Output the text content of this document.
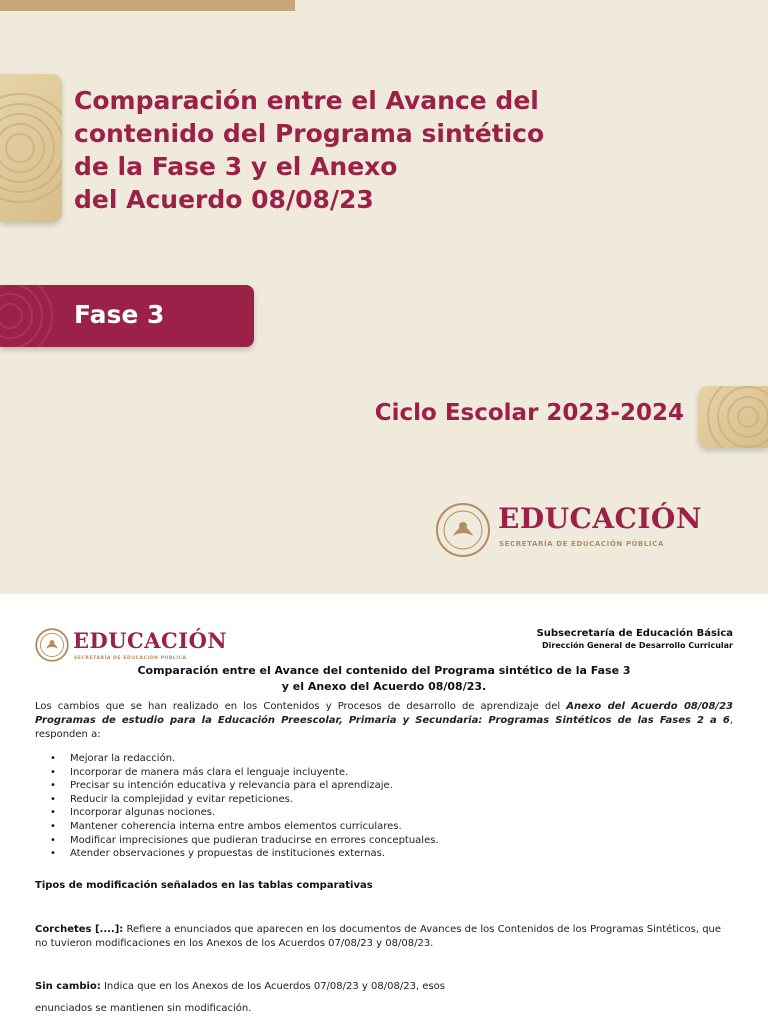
Comparación entre el Avance del
contenido del Programa sintético
de la Fase 3 y el Anexo
del Acuerdo 08/08/23
Fase 3
Ciclo Escolar 2023-2024
EDUCACIÓN
SECRETARÍA DE EDUCACIÓN PÚBLICA
EDUCACIÓN
SECRETARÍA DE EDUCACIÓN PÚBLICA
Subsecretaría de Educación Básica
Dirección General de Desarrollo Curricular

Comparación entre el Avance del contenido del Programa sintético de la Fase 3

y el Anexo del Acuerdo 08/08/23.

Los cambios que se han realizado en los Contenidos y Procesos de desarrollo de aprendizaje del Anexo del Acuerdo 08/08/23 Programas de estudio para la Educación Preescolar, Primaria y Secundaria: Programas Sintéticos de las Fases 2 a 6, responden a:

• Mejorar la redacción.
• Incorporar de manera más clara el lenguaje incluyente.
• Precisar su intención educativa y relevancia para el aprendizaje.
• Reducir la complejidad y evitar repeticiones.
• Incorporar algunas nociones.
• Mantener coherencia interna entre ambos elementos curriculares.
• Modificar imprecisiones que pudieran traducirse en errores conceptuales.
• Atender observaciones y propuestas de instituciones externas.

Tipos de modificación señalados en las tablas comparativas

Corchetes [....]: Refiere a enunciados que aparecen en los documentos de Avances de los Contenidos de los Programas Sintéticos, que no tuvieron modificaciones en los Anexos de los Acuerdos 07/08/23 y 08/08/23.

Sin cambio: Indica que en los Anexos de los Acuerdos 07/08/23 y 08/08/23, esos

enunciados se mantienen sin modificación.
